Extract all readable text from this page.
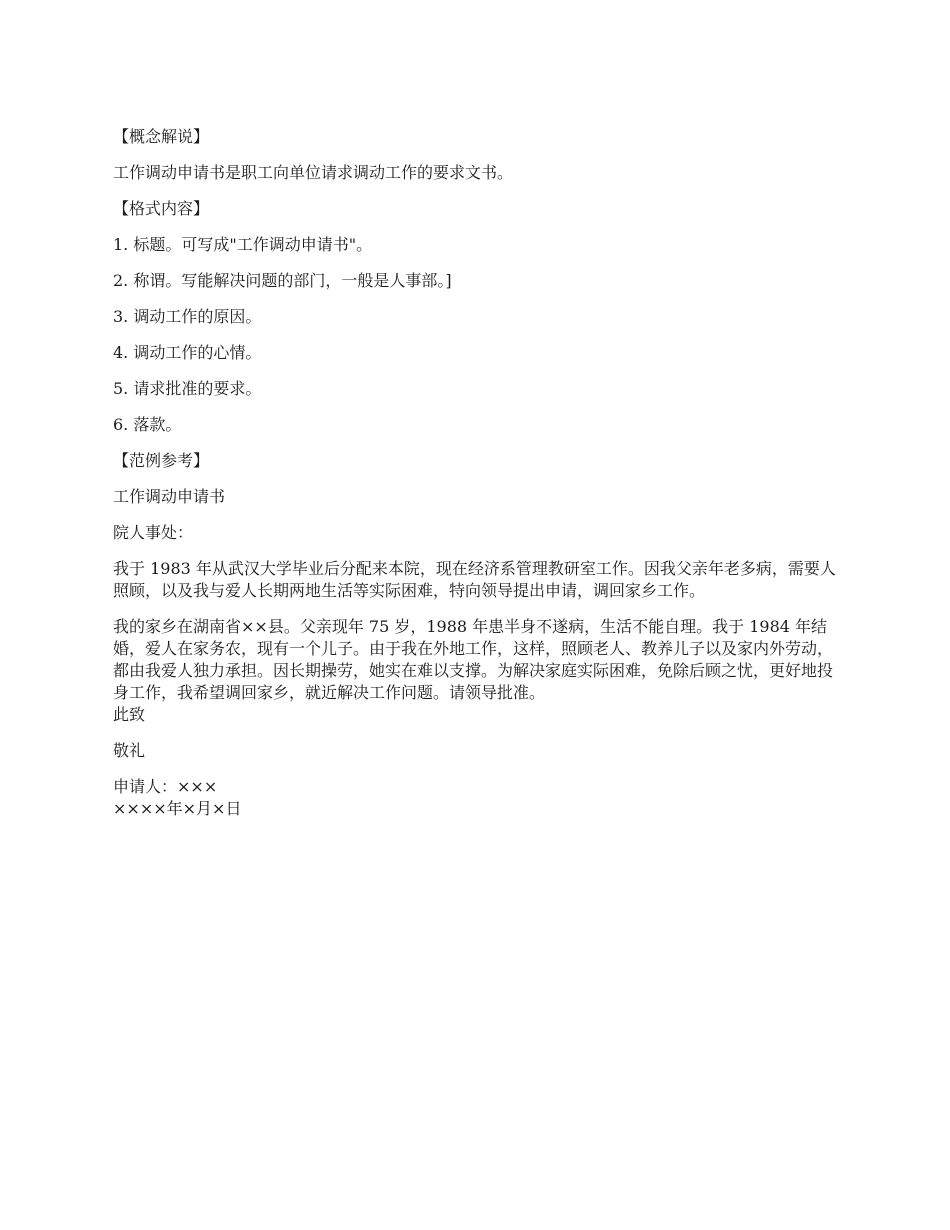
【概念解说】

工作调动申请书是职工向单位请求调动工作的要求文书。

【格式内容】

1. 标题。可写成"工作调动申请书"。

2. 称谓。写能解决问题的部门，一般是人事部。]

3. 调动工作的原因。

4. 调动工作的心情。

5. 请求批准的要求。

6. 落款。

【范例参考】

工作调动申请书

院人事处：

我于 1983 年从武汉大学毕业后分配来本院，现在经济系管理教研室工作。因我父亲年老多病，需要人照顾，以及我与爱人长期两地生活等实际困难，特向领导提出申请，调回家乡工作。

我的家乡在湖南省××县。父亲现年 75 岁，1988 年患半身不遂病，生活不能自理。我于 1984 年结婚，爱人在家务农，现有一个儿子。由于我在外地工作，这样，照顾老人、教养儿子以及家内外劳动，都由我爱人独力承担。因长期操劳，她实在难以支撑。为解决家庭实际困难，免除后顾之忧，更好地投身工作，我希望调回家乡，就近解决工作问题。请领导批准。

此致

敬礼

申请人：×××

××××年×月×日
